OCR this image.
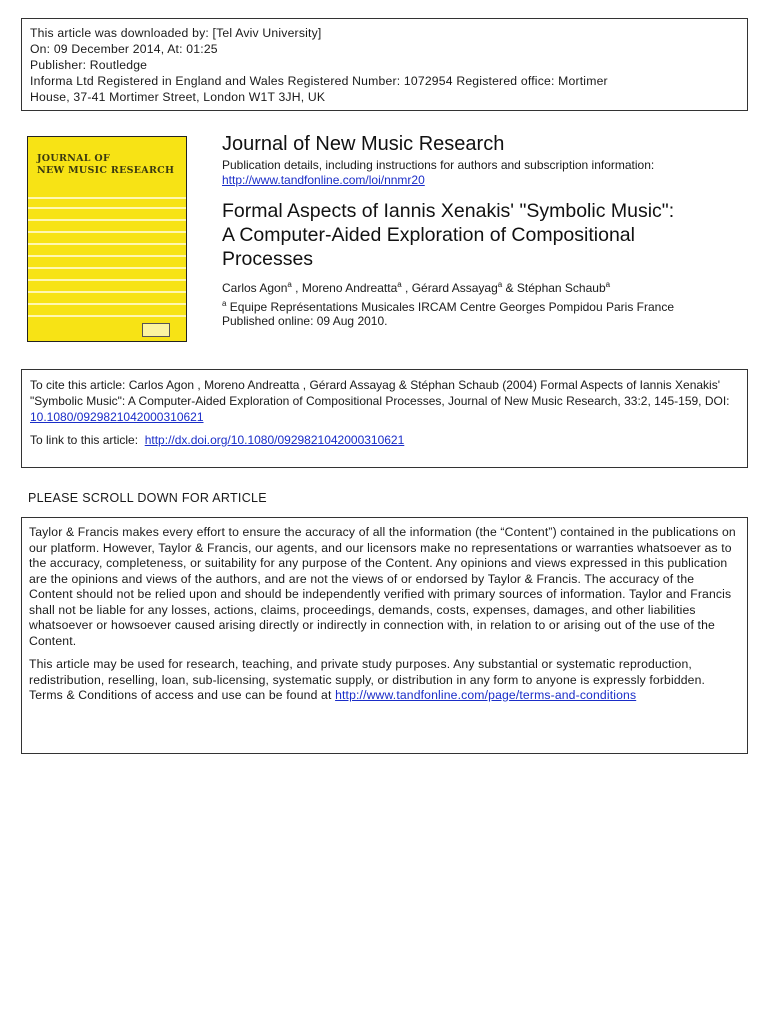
This article was downloaded by: [Tel Aviv University]
On: 09 December 2014, At: 01:25
Publisher: Routledge
Informa Ltd Registered in England and Wales Registered Number: 1072954 Registered office: Mortimer
House, 37-41 Mortimer Street, London W1T 3JH, UK
JOURNAL OF
NEW MUSIC RESEARCH
Journal of New Music Research
Publication details, including instructions for authors and subscription information:
http://www.tandfonline.com/loi/nnmr20
Formal Aspects of Iannis Xenakis' "Symbolic Music":
A Computer-Aided Exploration of Compositional
Processes
Carlos Agon$^a$ , Moreno Andreatta$^a$ , Gérard Assayag$^a$ & Stéphan Schaub$^a$
$^a$ Equipe Représentations Musicales IRCAM Centre Georges Pompidou Paris France
Published online: 09 Aug 2010.

To cite this article: Carlos Agon , Moreno Andreatta , Gérard Assayag & Stéphan Schaub (2004) Formal Aspects of Iannis Xenakis' "Symbolic Music": A Computer-Aided Exploration of Compositional Processes, Journal of New Music Research, 33:2, 145-159, DOI: 10.1080/0929821042000310621

To link to this article: http://dx.doi.org/10.1080/0929821042000310621

PLEASE SCROLL DOWN FOR ARTICLE

Taylor & Francis makes every effort to ensure the accuracy of all the information (the “Content”) contained in the publications on our platform. However, Taylor & Francis, our agents, and our licensors make no representations or warranties whatsoever as to the accuracy, completeness, or suitability for any purpose of the Content. Any opinions and views expressed in this publication are the opinions and views of the authors, and are not the views of or endorsed by Taylor & Francis. The accuracy of the Content should not be relied upon and should be independently verified with primary sources of information. Taylor and Francis shall not be liable for any losses, actions, claims, proceedings, demands, costs, expenses, damages, and other liabilities whatsoever or howsoever caused arising directly or indirectly in connection with, in relation to or arising out of the use of the Content.

This article may be used for research, teaching, and private study purposes. Any substantial or systematic reproduction, redistribution, reselling, loan, sub-licensing, systematic supply, or distribution in any form to anyone is expressly forbidden. Terms & Conditions of access and use can be found at http://www.tandfonline.com/page/terms-and-conditions
